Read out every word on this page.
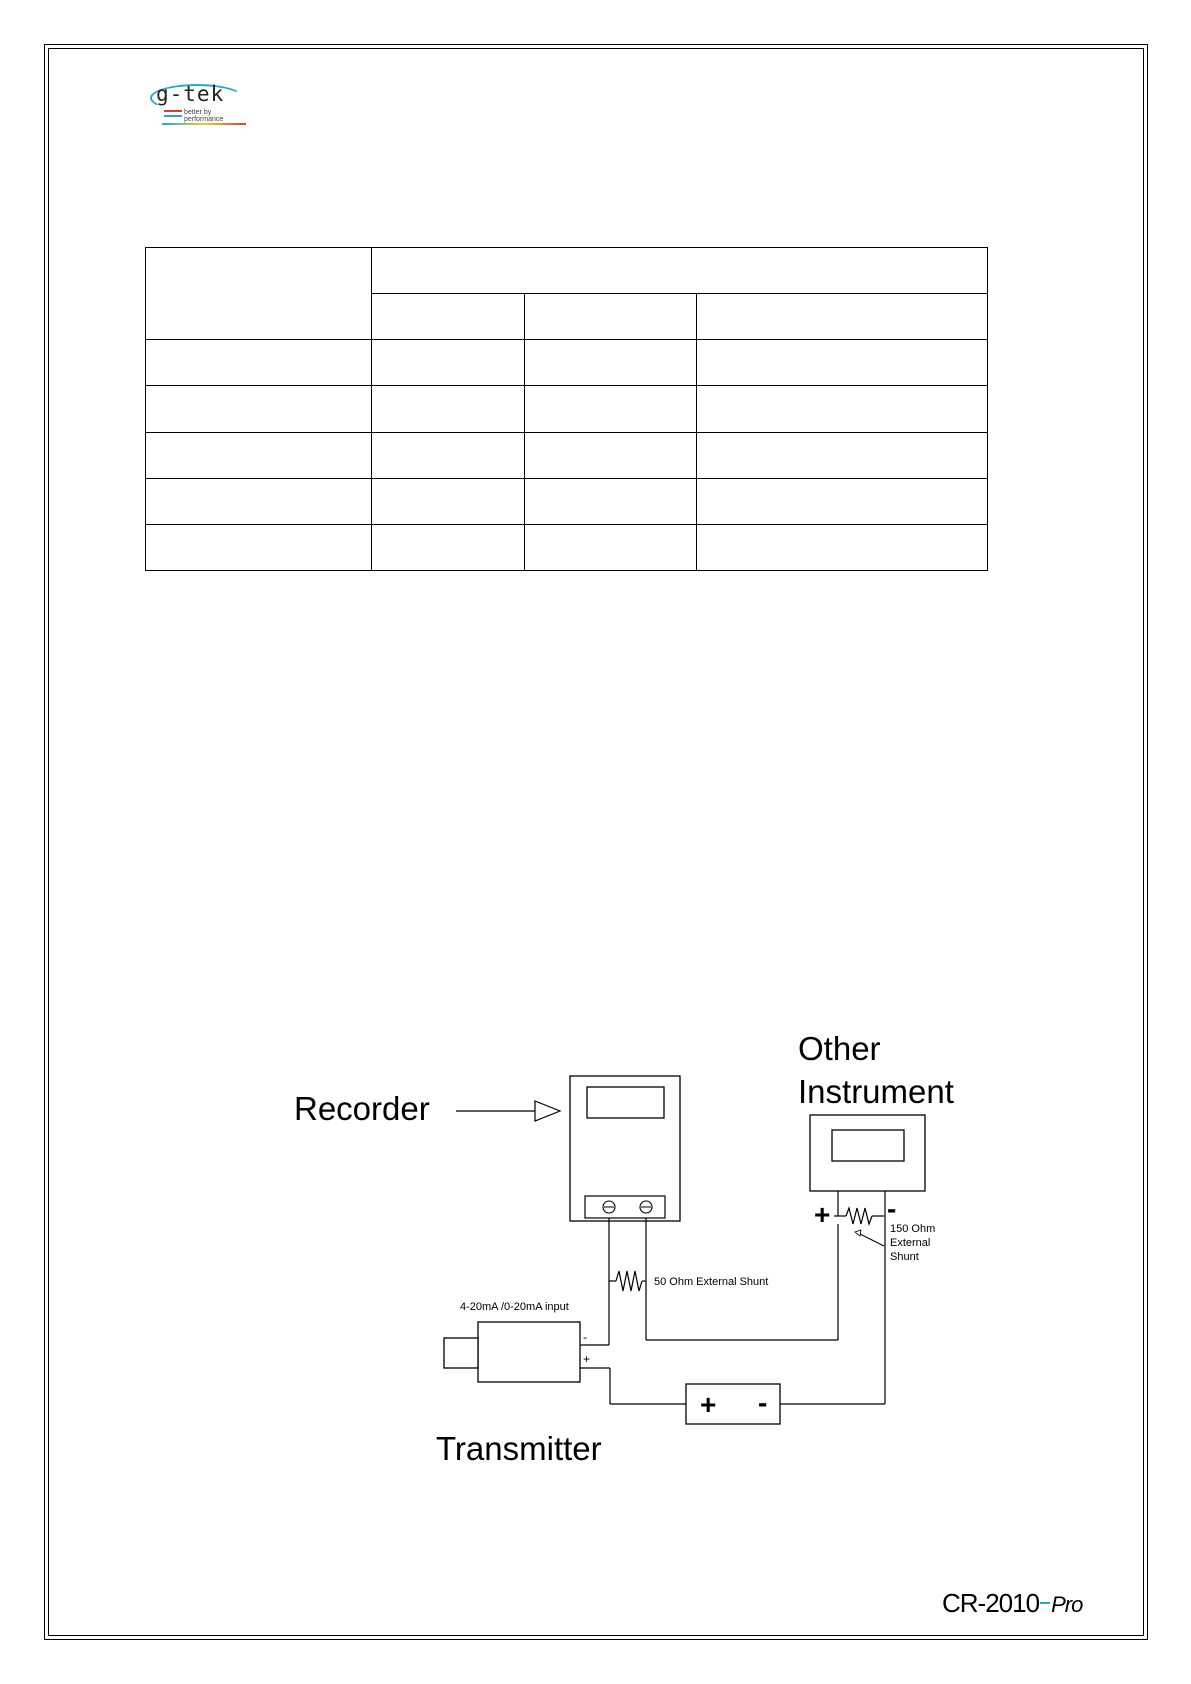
g-tek
better by
performance

Recorder
Other
Instrument
+ -
150 Ohm
External
Shunt
50 Ohm External Shunt
4-20mA /0-20mA input
-
+
Transmitter
+ -
CR-2010 Pro
